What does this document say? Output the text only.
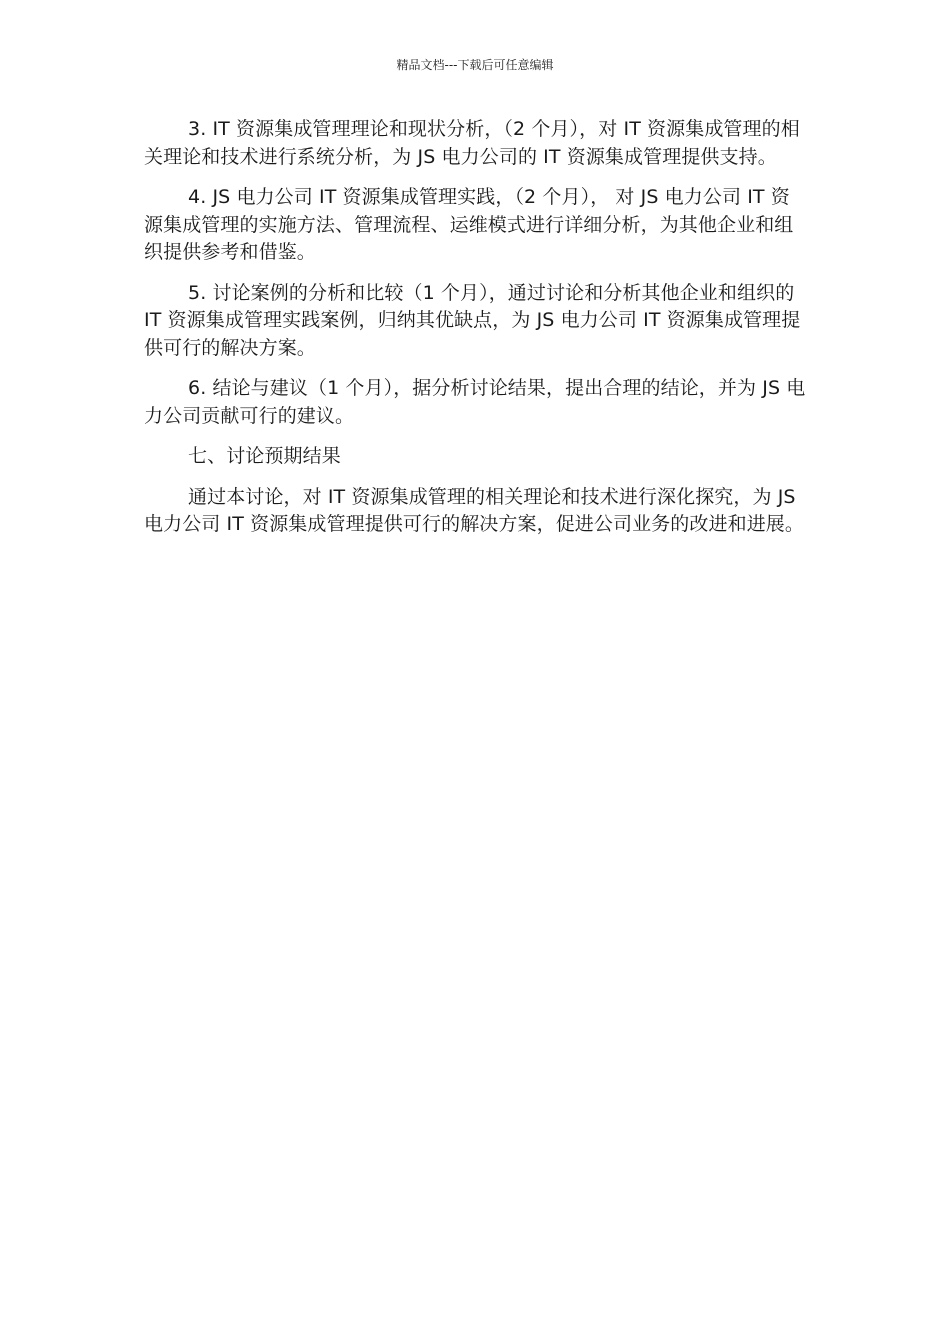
精品文档---下载后可任意编辑

3. IT 资源集成管理理论和现状分析，（2 个月），对 IT 资源集成管理的相关理论和技术进行系统分析，为 JS 电力公司的 IT 资源集成管理提供支持。

4. JS 电力公司 IT 资源集成管理实践，（2 个月）， 对 JS 电力公司 IT 资源集成管理的实施方法、管理流程、运维模式进行详细分析，为其他企业和组织提供参考和借鉴。

5. 讨论案例的分析和比较（1 个月），通过讨论和分析其他企业和组织的 IT 资源集成管理实践案例，归纳其优缺点，为 JS 电力公司 IT 资源集成管理提供可行的解决方案。

6. 结论与建议（1 个月），据分析讨论结果，提出合理的结论，并为 JS 电力公司贡献可行的建议。

七、讨论预期结果

通过本讨论，对 IT 资源集成管理的相关理论和技术进行深化探究，为 JS 电力公司 IT 资源集成管理提供可行的解决方案，促进公司业务的改进和进展。
